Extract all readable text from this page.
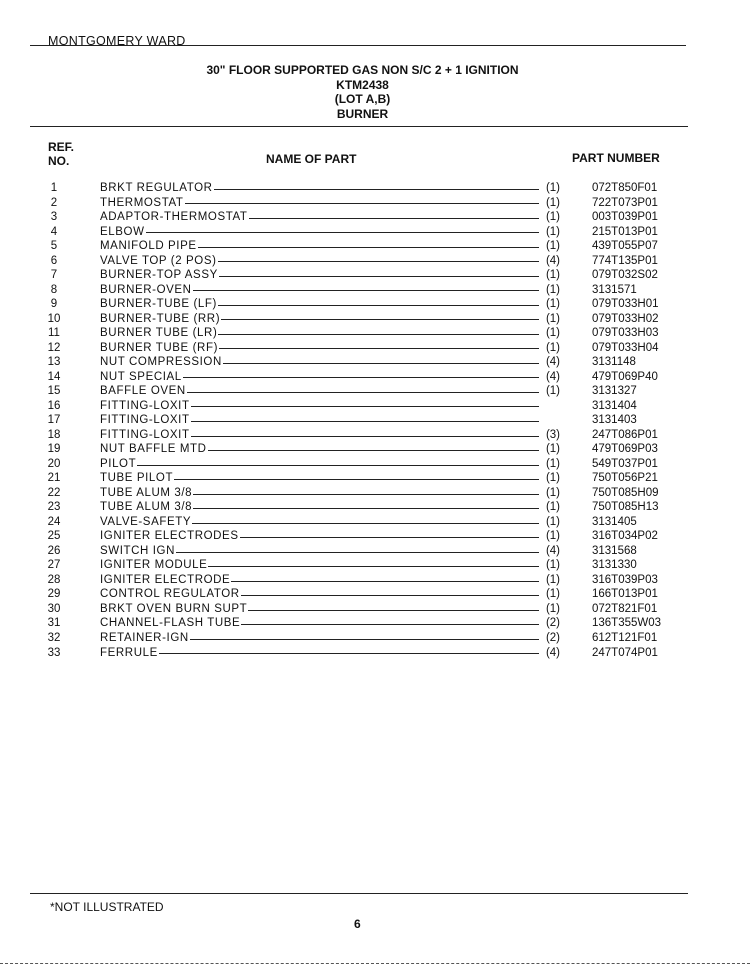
MONTGOMERY WARD
30" FLOOR SUPPORTED GAS NON S/C 2 + 1 IGNITION
KTM2438
(LOT A,B)
BURNER
REF.
NO.	NAME OF PART	PART NUMBER
1	BRKT REGULATOR	(1)	072T850F01
2	THERMOSTAT	(1)	722T073P01
3	ADAPTOR-THERMOSTAT	(1)	003T039P01
4	ELBOW	(1)	215T013P01
5	MANIFOLD PIPE	(1)	439T055P07
6	VALVE TOP (2 POS)	(4)	774T135P01
7	BURNER-TOP ASSY	(1)	079T032S02
8	BURNER-OVEN	(1)	3131571
9	BURNER-TUBE (LF)	(1)	079T033H01
10	BURNER-TUBE (RR)	(1)	079T033H02
11	BURNER TUBE (LR)	(1)	079T033H03
12	BURNER TUBE (RF)	(1)	079T033H04
13	NUT COMPRESSION	(4)	3131148
14	NUT SPECIAL	(4)	479T069P40
15	BAFFLE OVEN	(1)	3131327
16	FITTING-LOXIT	3131404
17	FITTING-LOXIT	3131403
18	FITTING-LOXIT	(3)	247T086P01
19	NUT BAFFLE MTD	(1)	479T069P03
20	PILOT	(1)	549T037P01
21	TUBE PILOT	(1)	750T056P21
22	TUBE ALUM 3/8	(1)	750T085H09
23	TUBE ALUM 3/8	(1)	750T085H13
24	VALVE-SAFETY	(1)	3131405
25	IGNITER ELECTRODES	(1)	316T034P02
26	SWITCH IGN	(4)	3131568
27	IGNITER MODULE	(1)	3131330
28	IGNITER ELECTRODE	(1)	316T039P03
29	CONTROL REGULATOR	(1)	166T013P01
30	BRKT OVEN BURN SUPT	(1)	072T821F01
31	CHANNEL-FLASH TUBE	(2)	136T355W03
32	RETAINER-IGN	(2)	612T121F01
33	FERRULE	(4)	247T074P01
*NOT ILLUSTRATED
6
